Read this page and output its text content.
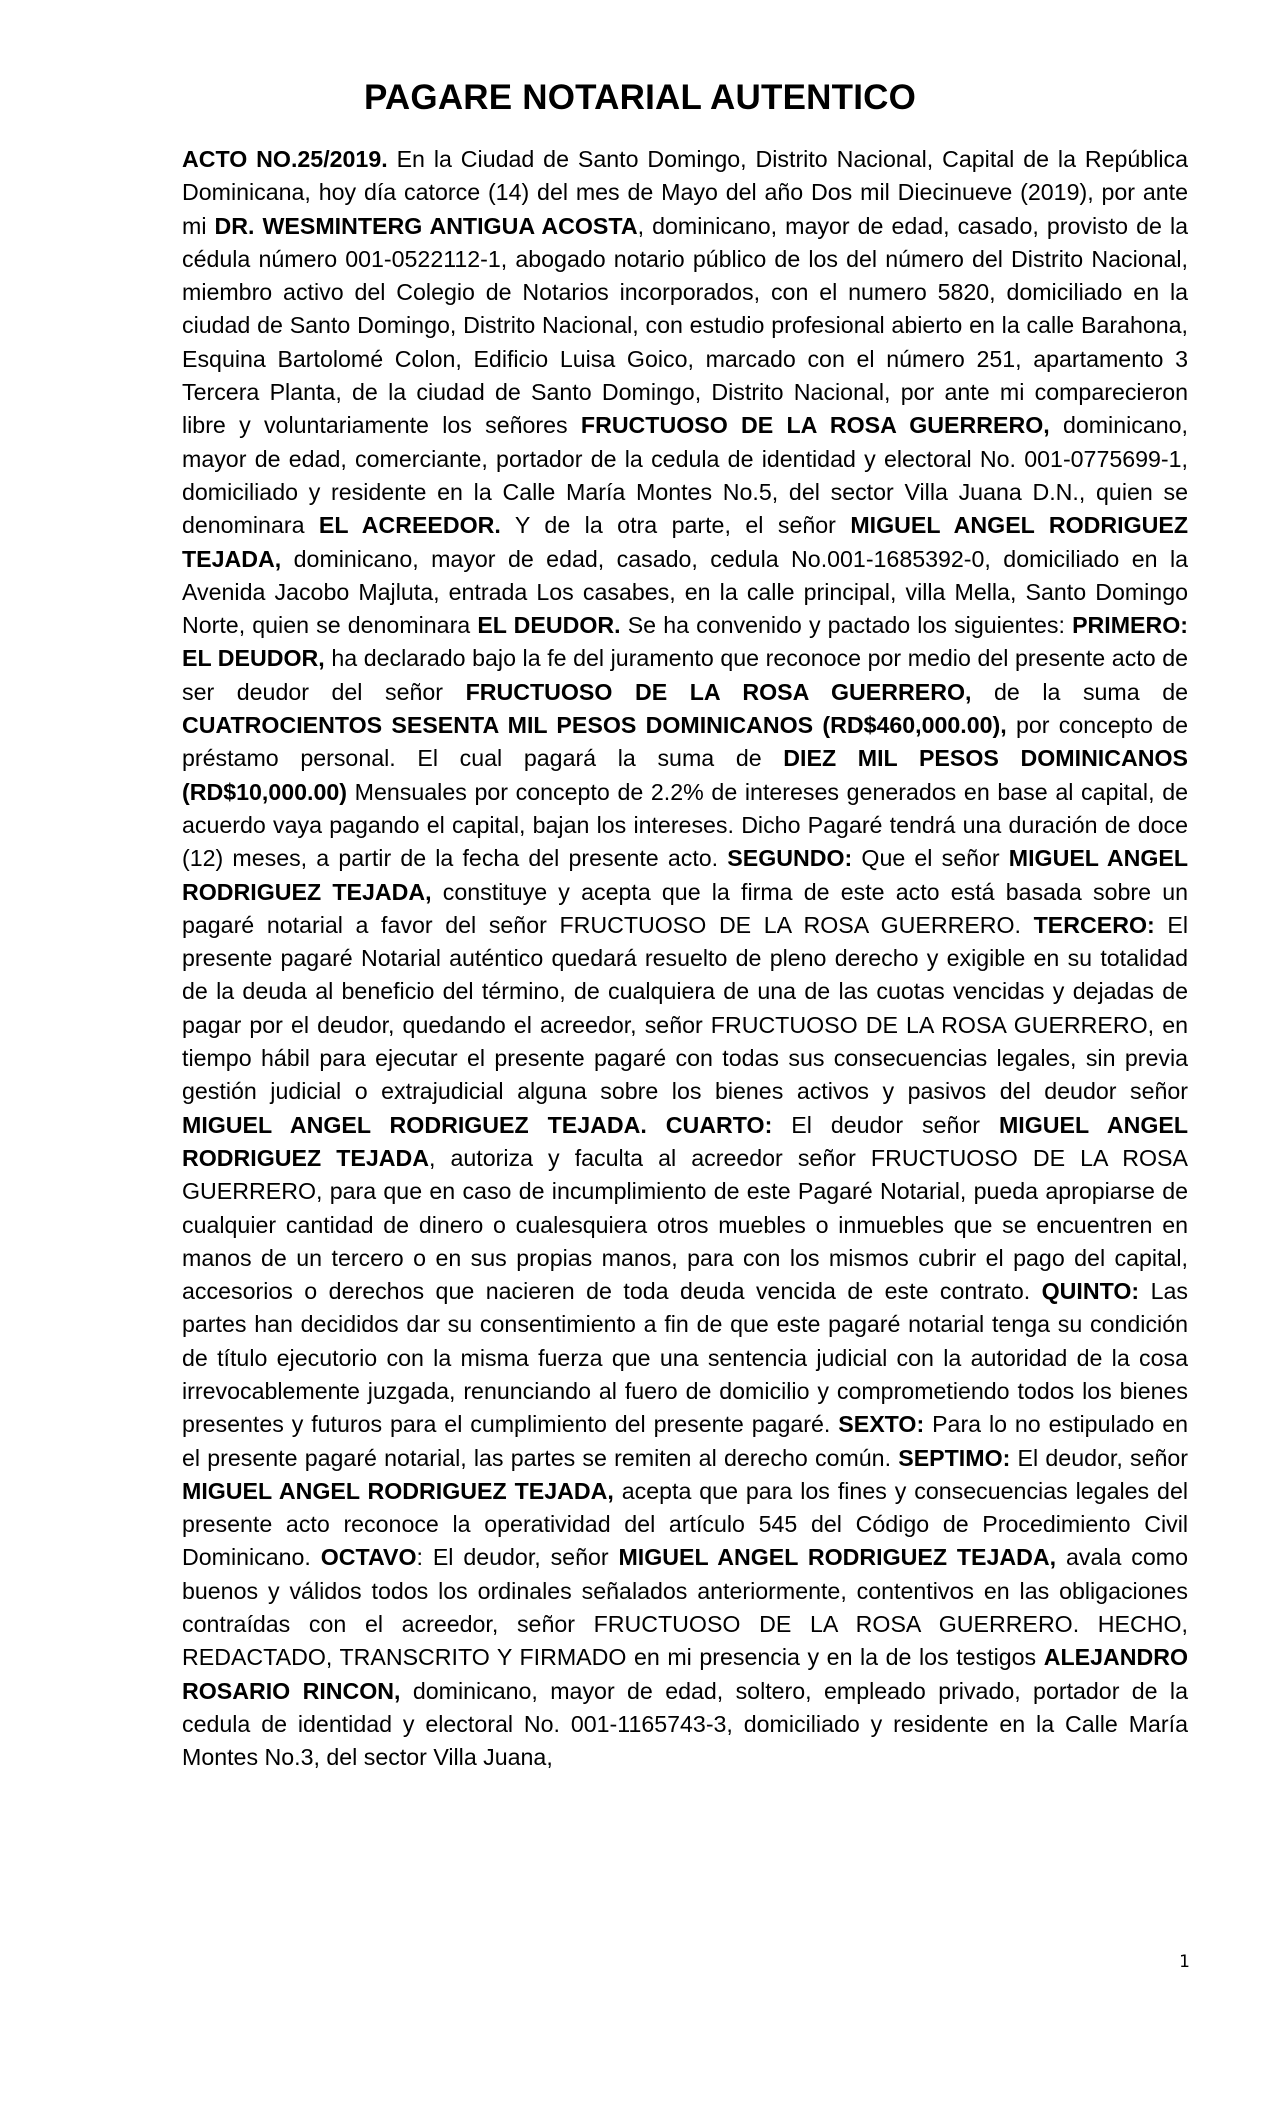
PAGARE NOTARIAL AUTENTICO

ACTO NO.25/2019. En la Ciudad de Santo Domingo, Distrito Nacional, Capital de la República Dominicana, hoy día catorce (14) del mes de Mayo del año Dos mil Diecinueve (2019), por ante mi DR. WESMINTERG ANTIGUA ACOSTA, dominicano, mayor de edad, casado, provisto de la cédula número 001-0522112-1, abogado notario público de los del número del Distrito Nacional, miembro activo del Colegio de Notarios incorporados, con el numero 5820, domiciliado en la ciudad de Santo Domingo, Distrito Nacional, con estudio profesional abierto en la calle Barahona, Esquina Bartolomé Colon, Edificio Luisa Goico, marcado con el número 251, apartamento 3 Tercera Planta, de la ciudad de Santo Domingo, Distrito Nacional, por ante mi comparecieron libre y voluntariamente los señores FRUCTUOSO DE LA ROSA GUERRERO, dominicano, mayor de edad, comerciante, portador de la cedula de identidad y electoral No. 001-0775699-1, domiciliado y residente en la Calle María Montes No.5, del sector Villa Juana D.N., quien se denominara EL ACREEDOR. Y de la otra parte, el señor MIGUEL ANGEL RODRIGUEZ TEJADA, dominicano, mayor de edad, casado, cedula No.001-1685392-0, domiciliado en la Avenida Jacobo Majluta, entrada Los casabes, en la calle principal, villa Mella, Santo Domingo Norte, quien se denominara EL DEUDOR. Se ha convenido y pactado los siguientes: PRIMERO: EL DEUDOR, ha declarado bajo la fe del juramento que reconoce por medio del presente acto de ser deudor del señor FRUCTUOSO DE LA ROSA GUERRERO, de la suma de CUATROCIENTOS SESENTA MIL PESOS DOMINICANOS (RD$460,000.00), por concepto de préstamo personal. El cual pagará la suma de DIEZ MIL PESOS DOMINICANOS (RD$10,000.00) Mensuales por concepto de 2.2% de intereses generados en base al capital, de acuerdo vaya pagando el capital, bajan los intereses. Dicho Pagaré tendrá una duración de doce (12) meses, a partir de la fecha del presente acto. SEGUNDO: Que el señor MIGUEL ANGEL RODRIGUEZ TEJADA, constituye y acepta que la firma de este acto está basada sobre un pagaré notarial a favor del señor FRUCTUOSO DE LA ROSA GUERRERO. TERCERO: El presente pagaré Notarial auténtico quedará resuelto de pleno derecho y exigible en su totalidad de la deuda al beneficio del término, de cualquiera de una de las cuotas vencidas y dejadas de pagar por el deudor, quedando el acreedor, señor FRUCTUOSO DE LA ROSA GUERRERO, en tiempo hábil para ejecutar el presente pagaré con todas sus consecuencias legales, sin previa gestión judicial o extrajudicial alguna sobre los bienes activos y pasivos del deudor señor MIGUEL ANGEL RODRIGUEZ TEJADA. CUARTO: El deudor señor MIGUEL ANGEL RODRIGUEZ TEJADA, autoriza y faculta al acreedor señor FRUCTUOSO DE LA ROSA GUERRERO, para que en caso de incumplimiento de este Pagaré Notarial, pueda apropiarse de cualquier cantidad de dinero o cualesquiera otros muebles o inmuebles que se encuentren en manos de un tercero o en sus propias manos, para con los mismos cubrir el pago del capital, accesorios o derechos que nacieren de toda deuda vencida de este contrato. QUINTO: Las partes han decididos dar su consentimiento a fin de que este pagaré notarial tenga su condición de título ejecutorio con la misma fuerza que una sentencia judicial con la autoridad de la cosa irrevocablemente juzgada, renunciando al fuero de domicilio y comprometiendo todos los bienes presentes y futuros para el cumplimiento del presente pagaré. SEXTO: Para lo no estipulado en el presente pagaré notarial, las partes se remiten al derecho común. SEPTIMO: El deudor, señor MIGUEL ANGEL RODRIGUEZ TEJADA, acepta que para los fines y consecuencias legales del presente acto reconoce la operatividad del artículo 545 del Código de Procedimiento Civil Dominicano. OCTAVO: El deudor, señor MIGUEL ANGEL RODRIGUEZ TEJADA, avala como buenos y válidos todos los ordinales señalados anteriormente, contentivos en las obligaciones contraídas con el acreedor, señor FRUCTUOSO DE LA ROSA GUERRERO. HECHO, REDACTADO, TRANSCRITO Y FIRMADO en mi presencia y en la de los testigos ALEJANDRO ROSARIO RINCON, dominicano, mayor de edad, soltero, empleado privado, portador de la cedula de identidad y electoral No. 001-1165743-3, domiciliado y residente en la Calle María Montes No.3, del sector Villa Juana,

1
